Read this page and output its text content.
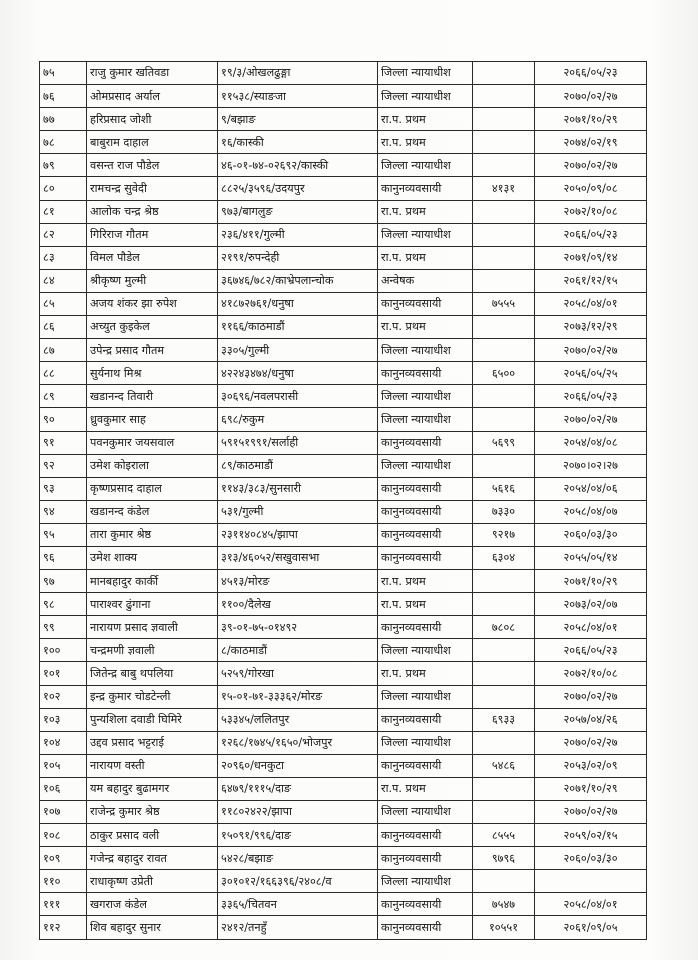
७५	राजु कुमार खतिवडा	१९/३/ओखलढुङ्गा	जिल्ला न्यायाधीश		२०६६/०५/२३
७६	ओमप्रसाद अर्याल	११५३८/स्याङजा	जिल्ला न्यायाधीश		२०७०/०२/२७
७७	हरिप्रसाद जोशी	९/बझाङ	रा.प. प्रथम		२०७१/१०/२९
७८	बाबुराम दाहाल	१६/कास्की	रा.प. प्रथम		२०७४/०२/१९
७९	वसन्त राज पौडेल	४६-०१-७४-०२६९२/कास्की	जिल्ला न्यायाधीश		२०७०/०२/२७
८०	रामचन्द्र सुवेदी	८८२५/३५९६/उदयपुर	कानुनव्यवसायी	४१३१	२०५०/०९/०८
८१	आलोक चन्द्र श्रेष्ठ	९७३/बागलुङ	रा.प. प्रथम		२०७२/१०/०८
८२	गिरिराज गौतम	२३६/४११/गुल्मी	जिल्ला न्यायाधीश		२०६६/०५/२३
८३	विमल पौडेल	२१९१/रुपन्देही	रा.प. प्रथम		२०७१/०९/१४
८४	श्रीकृष्ण मुल्मी	३६७४६/७८२/काभ्रेपलान्चोक	अन्वेषक		२०६१/१२/१५
८५	अजय शंकर झा रुपेश	४१८७२७६१/धनुषा	कानुनव्यवसायी	७५५५	२०५८/०४/०१
८६	अच्युत कुइकेल	११६६/काठमाडौं	रा.प. प्रथम		२०७३/१२/२९
८७	उपेन्द्र प्रसाद गौतम	३३०५/गुल्मी	जिल्ला न्यायाधीश		२०७०/०२/२७
८८	सुर्यनाथ मिश्र	४२२४३४७४/धनुषा	कानुनव्यवसायी	६५००	२०५६/०५/२५
८९	खडानन्द तिवारी	३०६९६/नवलपरासी	जिल्ला न्यायाधीश		२०६६/०५/२३
९०	ध्रुवकुमार साह	६९८/रुकुम	जिल्ला न्यायाधीश		२०७०/०२/२७
९१	पवनकुमार जयसवाल	५९१५१९९१/सर्लाही	कानुनव्यवसायी	५६९९	२०५४/०४/०८
९२	उमेश कोइराला	८९/काठमाडौं	जिल्ला न्यायाधीश		२०७०।०२।२७
९३	कृष्णप्रसाद दाहाल	११४३/३८३/सुनसारी	कानुनव्यवसायी	५६१६	२०५४/०४/०६
९४	खडानन्द कंडेल	५३१/गुल्मी	कानुनव्यवसायी	७३३०	२०५८/०४/०७
९५	तारा कुमार श्रेष्ठ	२३११४०८४५/झापा	कानुनव्यवसायी	९२१७	२०६०/०३/३०
९६	उमेश शाक्य	३१३/४६०५२/सखुवासभा	कानुनव्यवसायी	६३०४	२०५५/०५/१४
९७	मानबहादुर कार्की	४५१३/मोरङ	रा.प. प्रथम		२०७१/१०/२९
९८	पाराश्वर ढुंगाना	११००/दैलेख	रा.प. प्रथम		२०७३/०२/०७
९९	नारायण प्रसाद ज्ञवाली	३९-०१-७५-०१४९२	कानुनव्यवसायी	७८०८	२०५८/०४/०१
१००	चन्द्रमणी ज्ञवाली	८/काठमाडौं	जिल्ला न्यायाधीश		२०६६/०५/२३
१०१	जितेन्द्र बाबु थपलिया	५२५९/गोरखा	रा.प. प्रथम		२०७२/१०/०८
१०२	इन्द्र कुमार चोडटेन्ली	१५-०१-७१-३३३६२/मोरङ	जिल्ला न्यायाधीश		२०७०/०२/२७
१०३	पुन्यशिला दवाडी घिमिरे	५३३४५/ललितपुर	कानुनव्यवसायी	६९३३	२०५७/०४/२६
१०४	उद्दव प्रसाद भट्टराई	१२६८/१७४५/१६५०/भोजपुर	जिल्ला न्यायाधीश		२०७०/०२/२७
१०५	नारायण वस्ती	२०९६०/धनकुटा	कानुनव्यवसायी	५४८६	२०५३/०२/०९
१०६	यम बहादुर बुढामगर	६४७९/१११५/दाङ	रा.प. प्रथम		२०७१/१०/२९
१०७	राजेन्द्र कुमार श्रेष्ठ	११८०२४२२/झापा	जिल्ला न्यायाधीश		२०७०/०२/२७
१०८	ठाकुर प्रसाद वली	१५०९१/९९६/दाङ	कानुनव्यवसायी	८५५५	२०५९/०२/१५
१०९	गजेन्द्र बहादुर रावत	५४२८/बझाङ	कानुनव्यवसायी	९७९६	२०६०/०३/३०
११०	राधाकृष्ण उप्रेती	३०१०१२/१६६३९६/२४०८/व	जिल्ला न्यायाधीश		
१११	खगराज कंडेल	३३६५/चितवन	कानुनव्यवसायी	७५४७	२०५८/०४/०१
११२	शिव बहादुर सुनार	२४१२/तनहुँ	कानुनव्यवसायी	१०५५१	२०६१/०९/०५
